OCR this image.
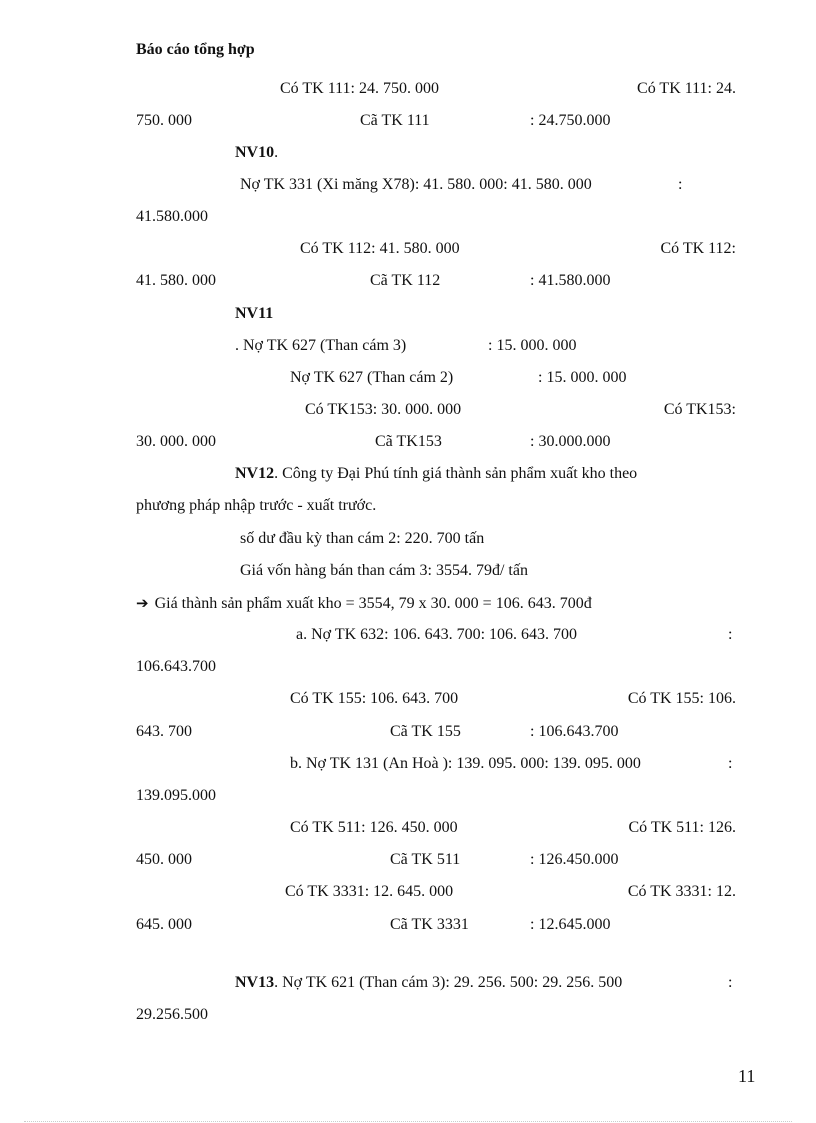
Báo cáo tổng hợp
Có TK 111: 24. 750. 000	Có TK 111: 24.
750. 000	Cã TK 111	: 24.750.000
NV10.
Nợ TK 331 (Xi măng X78): 41. 580. 000: 41. 580. 000	:
41.580.000
Có TK 112: 41. 580. 000	Có TK 112:
41. 580. 000	Cã TK 112	: 41.580.000
NV11
. Nợ TK 627 (Than cám 3)	: 15. 000. 000
Nợ TK 627 (Than cám 2)	: 15. 000. 000
Có TK153: 30. 000. 000	Có TK153:
30. 000. 000	Cã TK153	: 30.000.000
NV12. Công ty Đại Phú tính giá thành sản phẩm xuất kho theo
phương pháp nhập trước - xuất trước.
số dư đầu kỳ than cám 2: 220. 700 tấn
Giá vốn hàng bán than cám 3: 3554. 79đ/ tấn
➔ Giá thành sản phẩm xuất kho = 3554, 79 x 30. 000 = 106. 643. 700đ
a. Nợ TK 632: 106. 643. 700: 106. 643. 700	:
106.643.700
Có TK 155: 106. 643. 700	Có TK 155: 106.
643. 700	Cã TK 155	: 106.643.700
b. Nợ TK 131 (An Hoà ): 139. 095. 000: 139. 095. 000	:
139.095.000
Có TK 511: 126. 450. 000	Có TK 511: 126.
450. 000	Cã TK 511	: 126.450.000
Có TK 3331: 12. 645. 000	Có TK 3331: 12.
645. 000	Cã TK 3331	: 12.645.000
NV13. Nợ TK 621 (Than cám 3): 29. 256. 500: 29. 256. 500	:
29.256.500
11
